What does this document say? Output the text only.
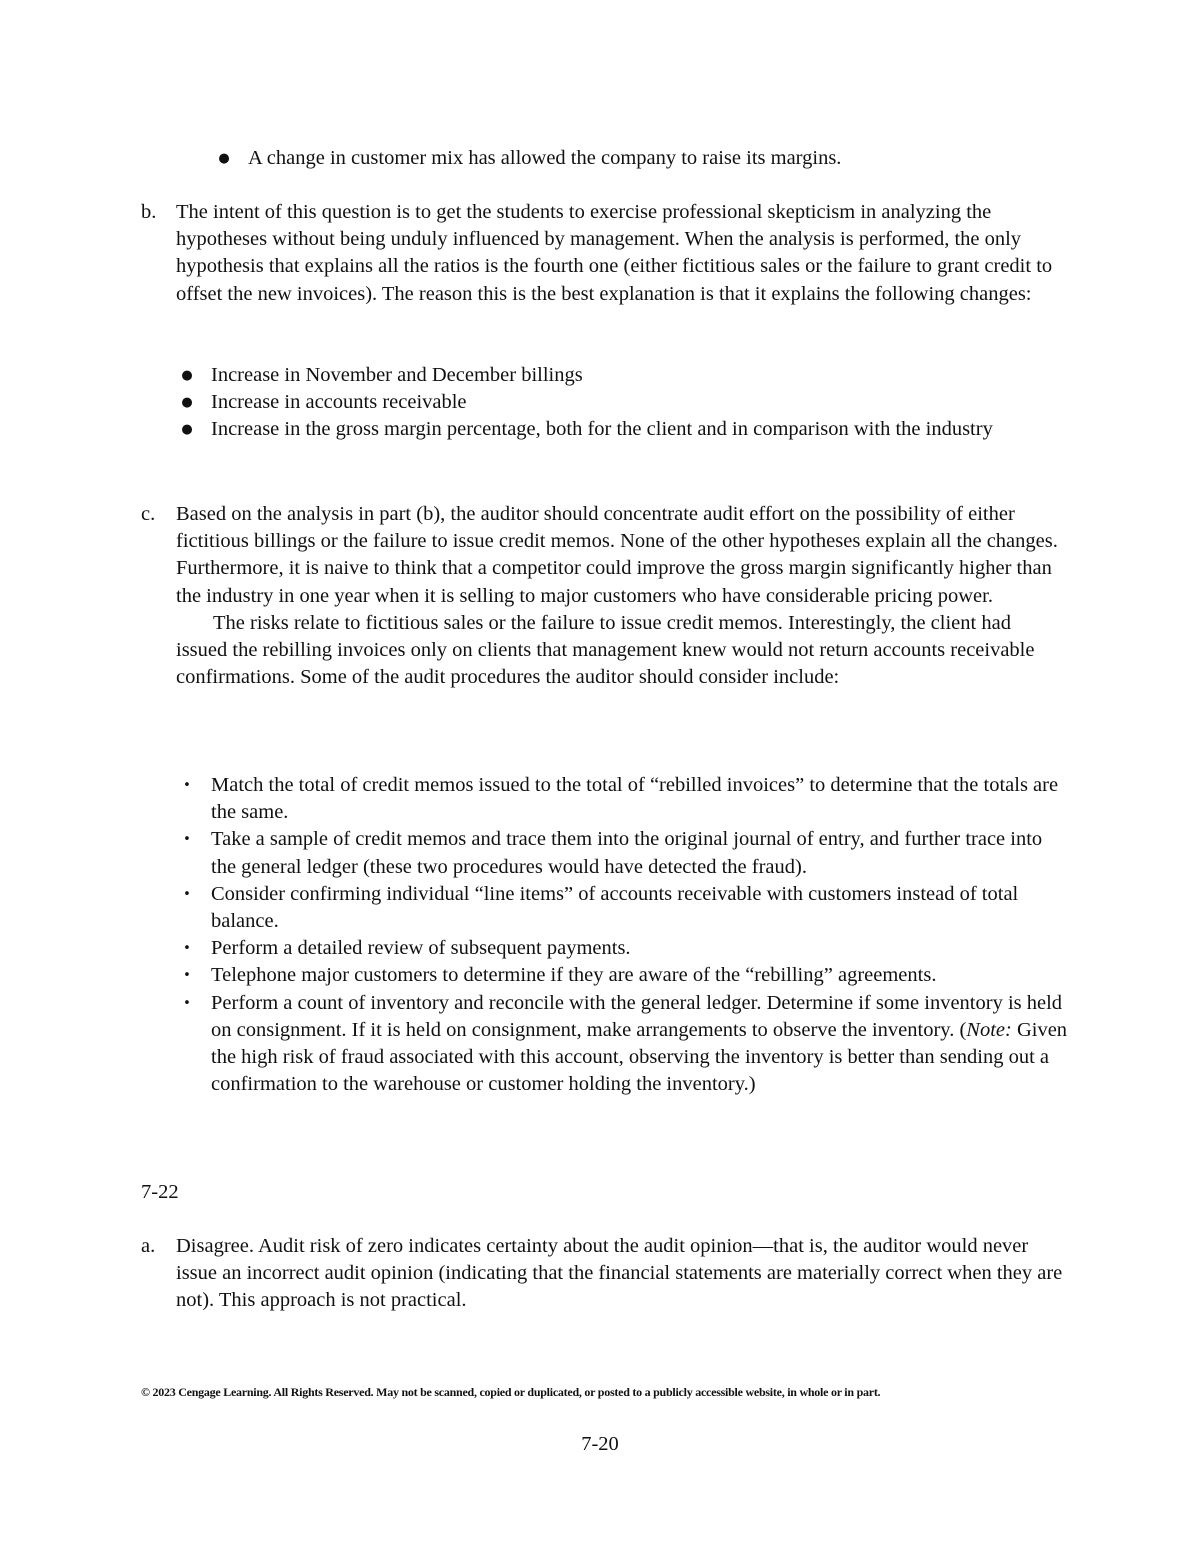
● A change in customer mix has allowed the company to raise its margins.
b. The intent of this question is to get the students to exercise professional skepticism in analyzing the hypotheses without being unduly influenced by management. When the analysis is performed, the only hypothesis that explains all the ratios is the fourth one (either fictitious sales or the failure to grant credit to offset the new invoices). The reason this is the best explanation is that it explains the following changes:
● Increase in November and December billings
● Increase in accounts receivable
● Increase in the gross margin percentage, both for the client and in comparison with the industry
c.	Based on the analysis in part (b), the auditor should concentrate audit effort on the possibility of either fictitious billings or the failure to issue credit memos. None of the other hypotheses explain all the changes. Furthermore, it is naive to think that a competitor could improve the gross margin significantly higher than the industry in one year when it is selling to major customers who have considerable pricing power.

The risks relate to fictitious sales or the failure to issue credit memos. Interestingly, the client had issued the rebilling invoices only on clients that management knew would not return accounts receivable confirmations. Some of the audit procedures the auditor should consider include:

• Match the total of credit memos issued to the total of “rebilled invoices” to determine that the totals are the same.
• Take a sample of credit memos and trace them into the original journal of entry, and further trace into the general ledger (these two procedures would have detected the fraud).
• Consider confirming individual “line items” of accounts receivable with customers instead of total balance.
• Perform a detailed review of subsequent payments.
• Telephone major customers to determine if they are aware of the “rebilling” agreements.
• Perform a count of inventory and reconcile with the general ledger. Determine if some inventory is held on consignment. If it is held on consignment, make arrangements to observe the inventory. (Note: Given the high risk of fraud associated with this account, observing the inventory is better than sending out a confirmation to the warehouse or customer holding the inventory.)
7-22
a.	Disagree. Audit risk of zero indicates certainty about the audit opinion—that is, the auditor would never issue an incorrect audit opinion (indicating that the financial statements are materially correct when they are not). This approach is not practical.
© 2023 Cengage Learning. All Rights Reserved. May not be scanned, copied or duplicated, or posted to a publicly accessible website, in whole or in part.
7-20
